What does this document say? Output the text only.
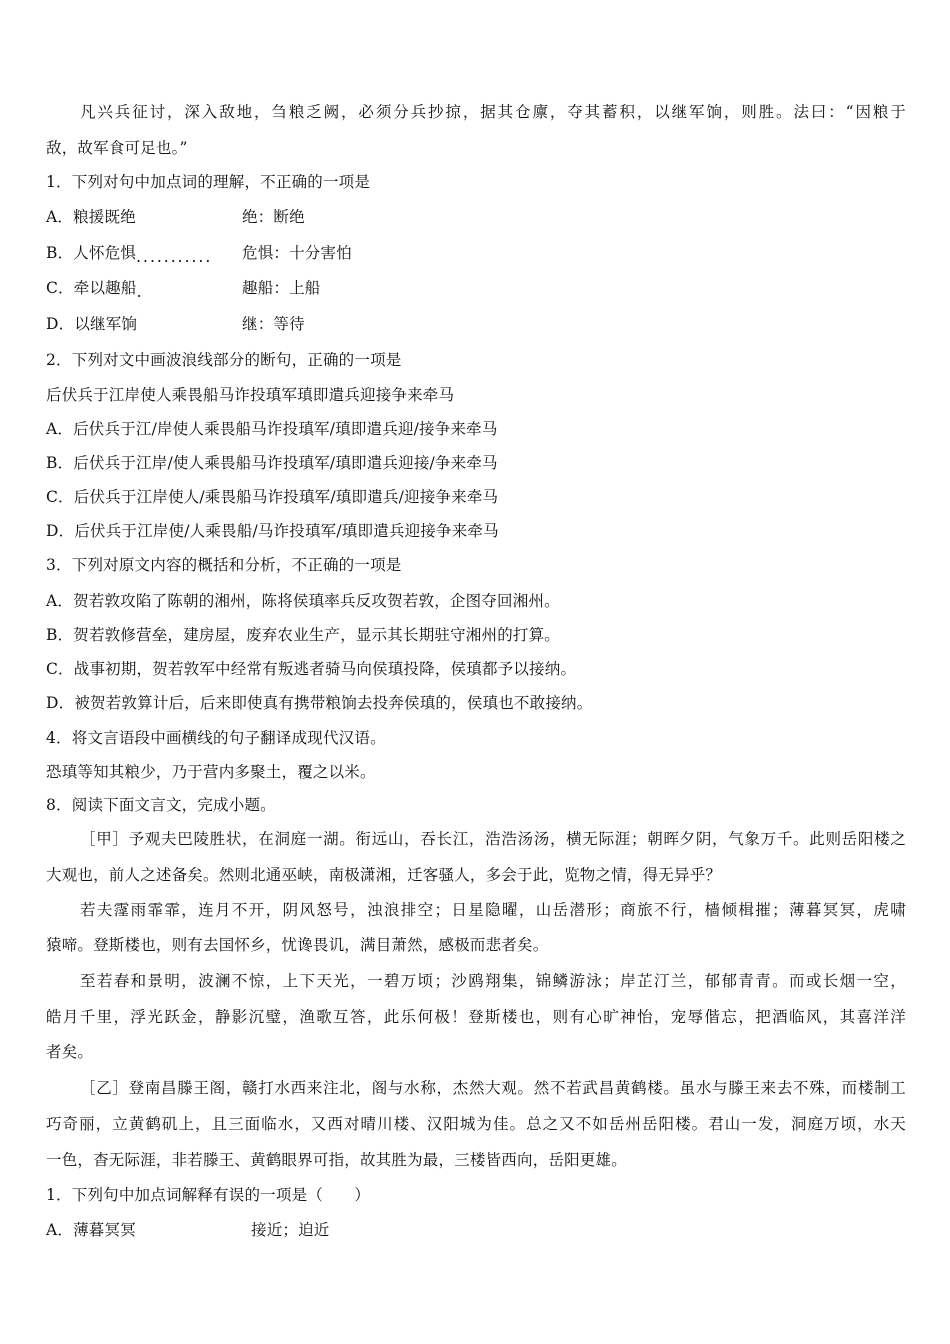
凡兴兵征讨，深入敌地，刍粮乏阙，必须分兵抄掠，据其仓廪，夺其蓄积，以继军饷，则胜。法曰：“因粮于
敌，故军食可足也。”
1．下列对句中加点词的理解，不正确的一项是
A．粮援既绝	绝：断绝
B．人怀危惧........... 危惧：十分害怕
C．牵以趣船.	趣船：上船
D．以继军饷	继：等待
2．下列对文中画波浪线部分的断句，正确的一项是
后伏兵于江岸使人乘畏船马诈投瑱军瑱即遣兵迎接争来牵马
A．后伏兵于江/岸使人乘畏船马诈投瑱军/瑱即遣兵迎/接争来牵马
B．后伏兵于江岸/使人乘畏船马诈投瑱军/瑱即遣兵迎接/争来牵马
C．后伏兵于江岸使人/乘畏船马诈投瑱军/瑱即遣兵/迎接争来牵马
D．后伏兵于江岸使/人乘畏船/马诈投瑱军/瑱即遣兵迎接争来牵马
3．下列对原文内容的概括和分析，不正确的一项是
A．贺若敦攻陷了陈朝的湘州，陈将侯瑱率兵反攻贺若敦，企图夺回湘州。
B．贺若敦修营垒，建房屋，废弃农业生产，显示其长期驻守湘州的打算。
C．战事初期，贺若敦军中经常有叛逃者骑马向侯瑱投降，侯瑱都予以接纳。
D．被贺若敦算计后，后来即使真有携带粮饷去投奔侯瑱的，侯瑱也不敢接纳。
4．将文言语段中画横线的句子翻译成现代汉语。
恐瑱等知其粮少，乃于营内多聚土，覆之以米。
8．阅读下面文言文，完成小题。
［甲］予观夫巴陵胜状，在洞庭一湖。衔远山，吞长江，浩浩汤汤，横无际涯；朝晖夕阴，气象万千。此则岳阳楼之
大观也，前人之述备矣。然则北通巫峡，南极潇湘，迁客骚人，多会于此，览物之情，得无异乎？
若夫霪雨霏霏，连月不开，阴风怒号，浊浪排空；日星隐曜，山岳潜形；商旅不行，樯倾楫摧；薄暮冥冥，虎啸
猿啼。登斯楼也，则有去国怀乡，忧谗畏讥，满目萧然，感极而悲者矣。
至若春和景明，波澜不惊，上下天光，一碧万顷；沙鸥翔集，锦鳞游泳；岸芷汀兰，郁郁青青。而或长烟一空，
皓月千里，浮光跃金，静影沉璧，渔歌互答，此乐何极！登斯楼也，则有心旷神怡，宠辱偕忘，把酒临风，其喜洋洋
者矣。
［乙］登南昌滕王阁，赣打水西来注北，阁与水称，杰然大观。然不若武昌黄鹤楼。虽水与滕王来去不殊，而楼制工
巧奇丽，立黄鹤矶上，且三面临水，又西对晴川楼、汉阳城为佳。总之又不如岳州岳阳楼。君山一发，洞庭万顷，水天
一色，杳无际涯，非若滕王、黄鹤眼界可指，故其胜为最，三楼皆西向，岳阳更雄。
1．下列句中加点词解释有误的一项是（　　）
A．薄暮冥冥	接近；迫近
